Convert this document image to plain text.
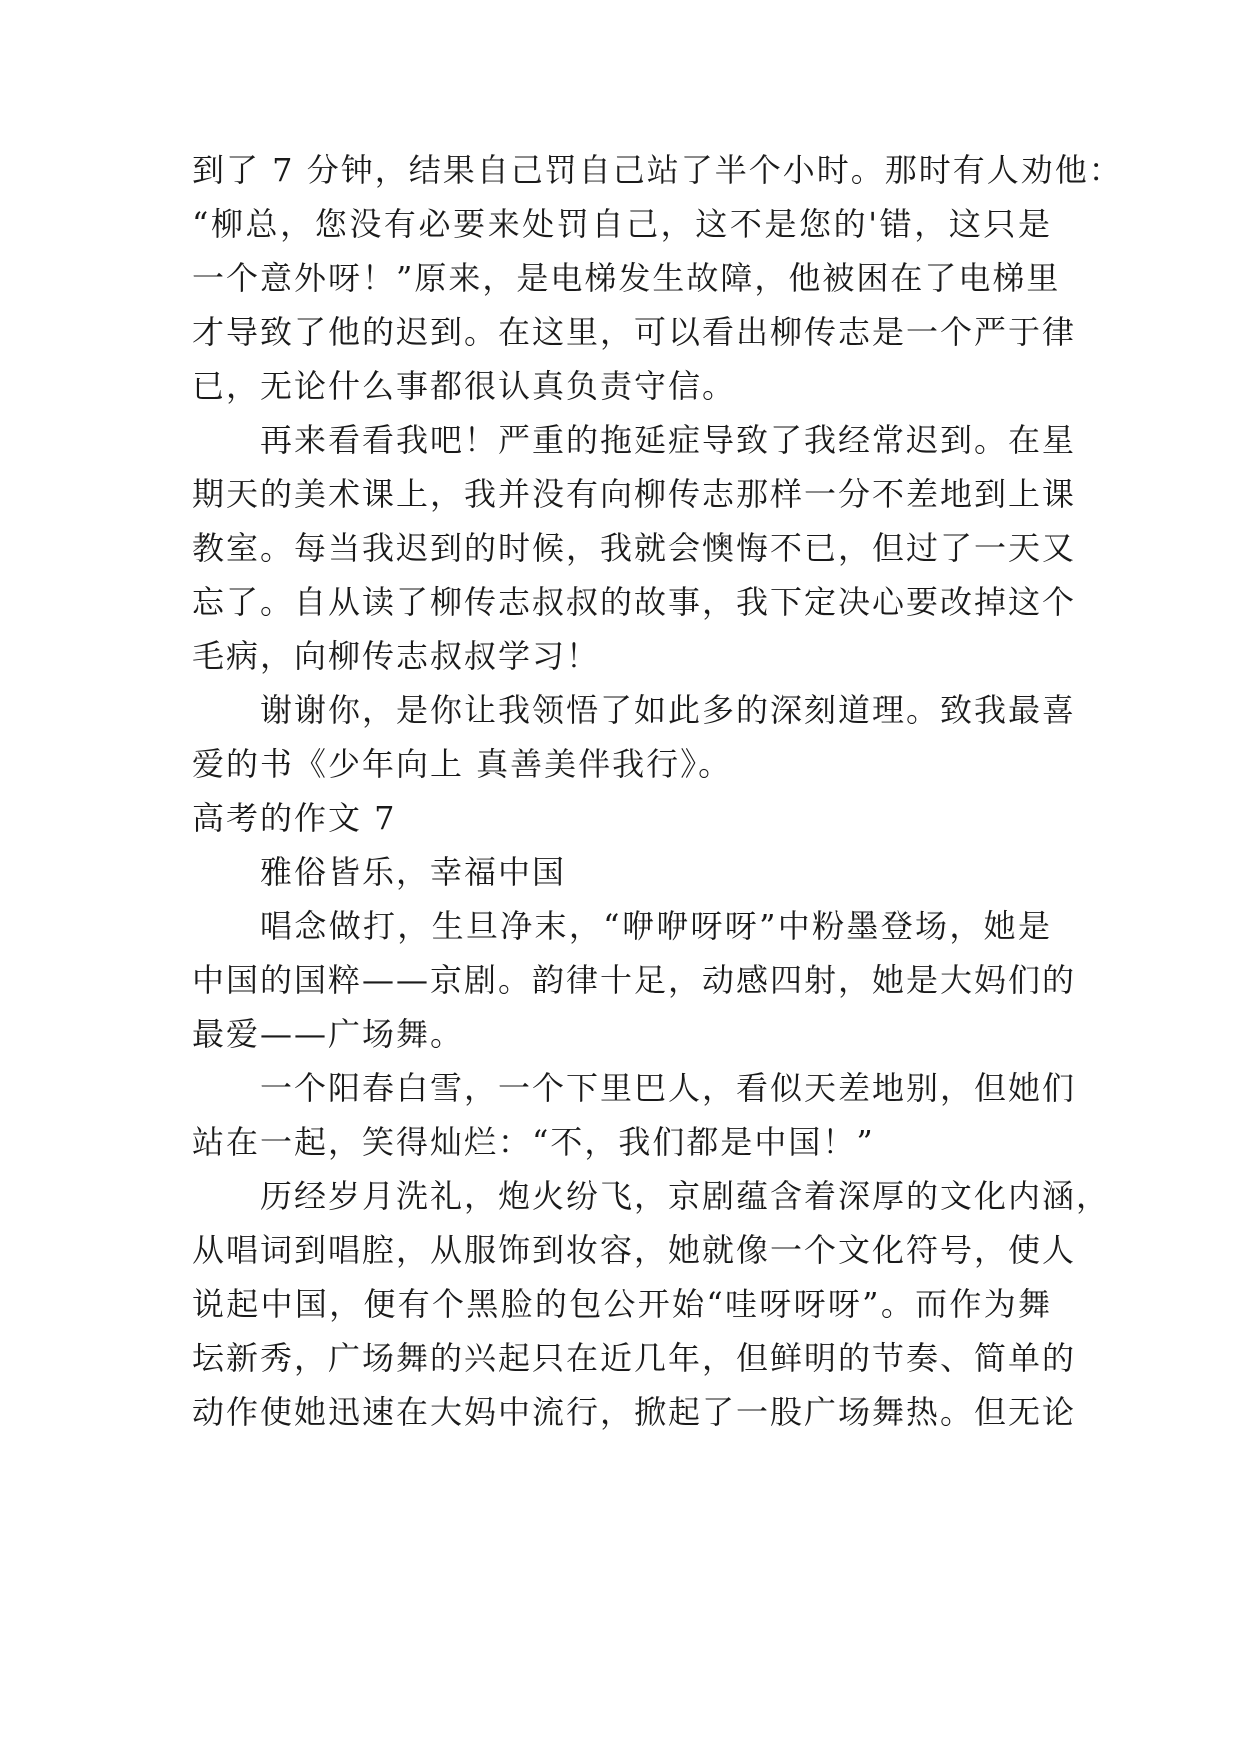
到了 7 分钟，结果自己罚自己站了半个小时。那时有人劝他：
“柳总，您没有必要来处罚自己，这不是您的'错，这只是
一个意外呀！”原来，是电梯发生故障，他被困在了电梯里
才导致了他的迟到。在这里，可以看出柳传志是一个严于律
已，无论什么事都很认真负责守信。
再来看看我吧！严重的拖延症导致了我经常迟到。在星
期天的美术课上，我并没有向柳传志那样一分不差地到上课
教室。每当我迟到的时候，我就会懊悔不已，但过了一天又
忘了。自从读了柳传志叔叔的故事，我下定决心要改掉这个
毛病，向柳传志叔叔学习！
谢谢你，是你让我领悟了如此多的深刻道理。致我最喜
爱的书《少年向上 真善美伴我行》。
高考的作文 7
雅俗皆乐，幸福中国
唱念做打，生旦净末，“咿咿呀呀”中粉墨登场，她是
中国的国粹——京剧。韵律十足，动感四射，她是大妈们的
最爱——广场舞。
一个阳春白雪，一个下里巴人，看似天差地别，但她们
站在一起，笑得灿烂：“不，我们都是中国！”
历经岁月洗礼，炮火纷飞，京剧蕴含着深厚的文化内涵，
从唱词到唱腔，从服饰到妆容，她就像一个文化符号，使人
说起中国，便有个黑脸的包公开始“哇呀呀呀”。而作为舞
坛新秀，广场舞的兴起只在近几年，但鲜明的节奏、简单的
动作使她迅速在大妈中流行，掀起了一股广场舞热。但无论
